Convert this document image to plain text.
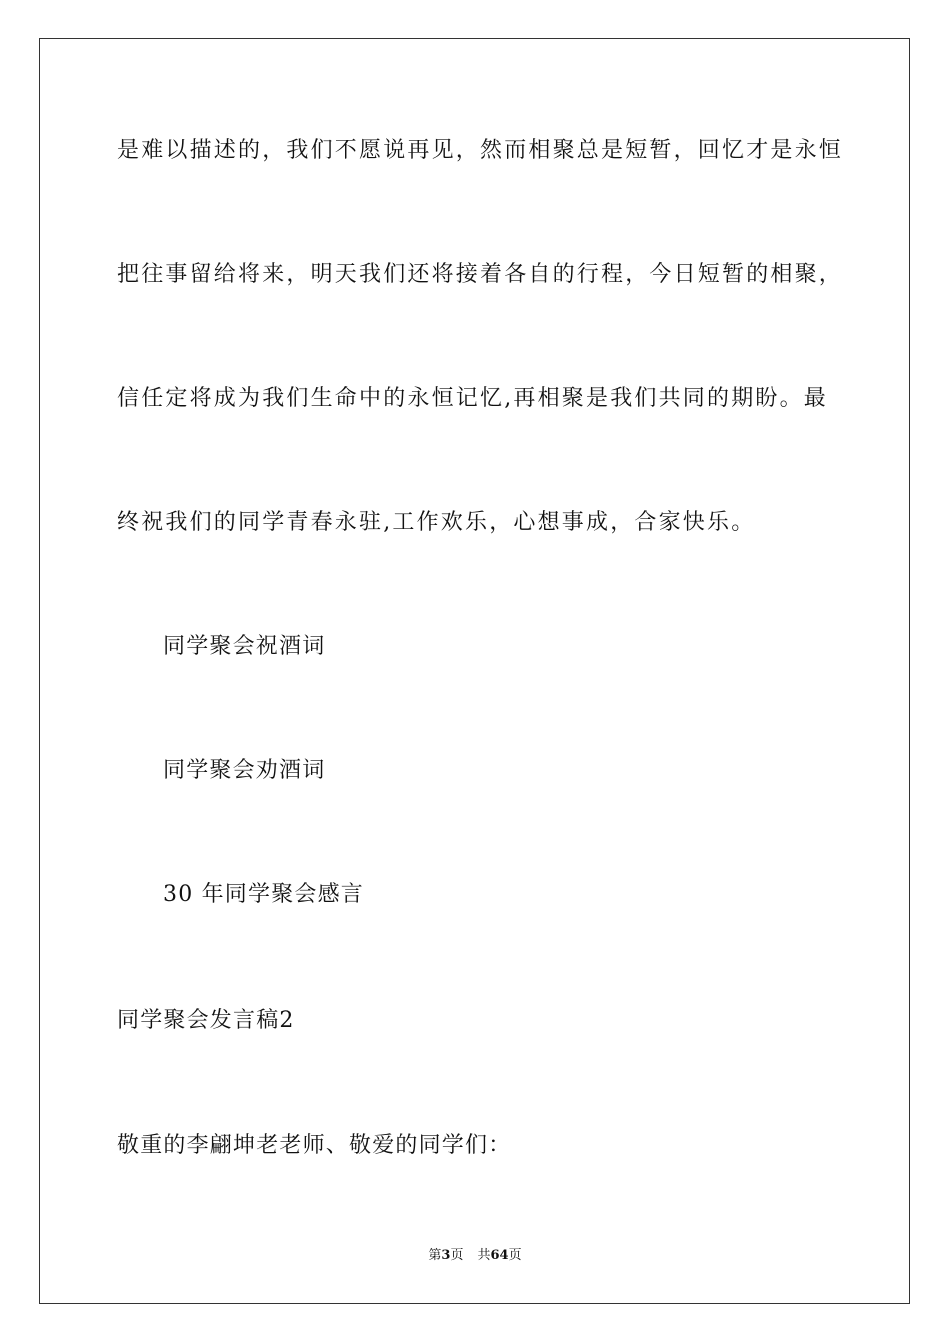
是难以描述的，我们不愿说再见，然而相聚总是短暂，回忆才是永恒
把往事留给将来，明天我们还将接着各自的行程，今日短暂的相聚，
信任定将成为我们生命中的永恒记忆,再相聚是我们共同的期盼。最
终祝我们的同学青春永驻,工作欢乐，心想事成，合家快乐。
同学聚会祝酒词
同学聚会劝酒词
30 年同学聚会感言
同学聚会发言稿2
敬重的李翩坤老老师、敬爱的同学们：
第3页 共64页
